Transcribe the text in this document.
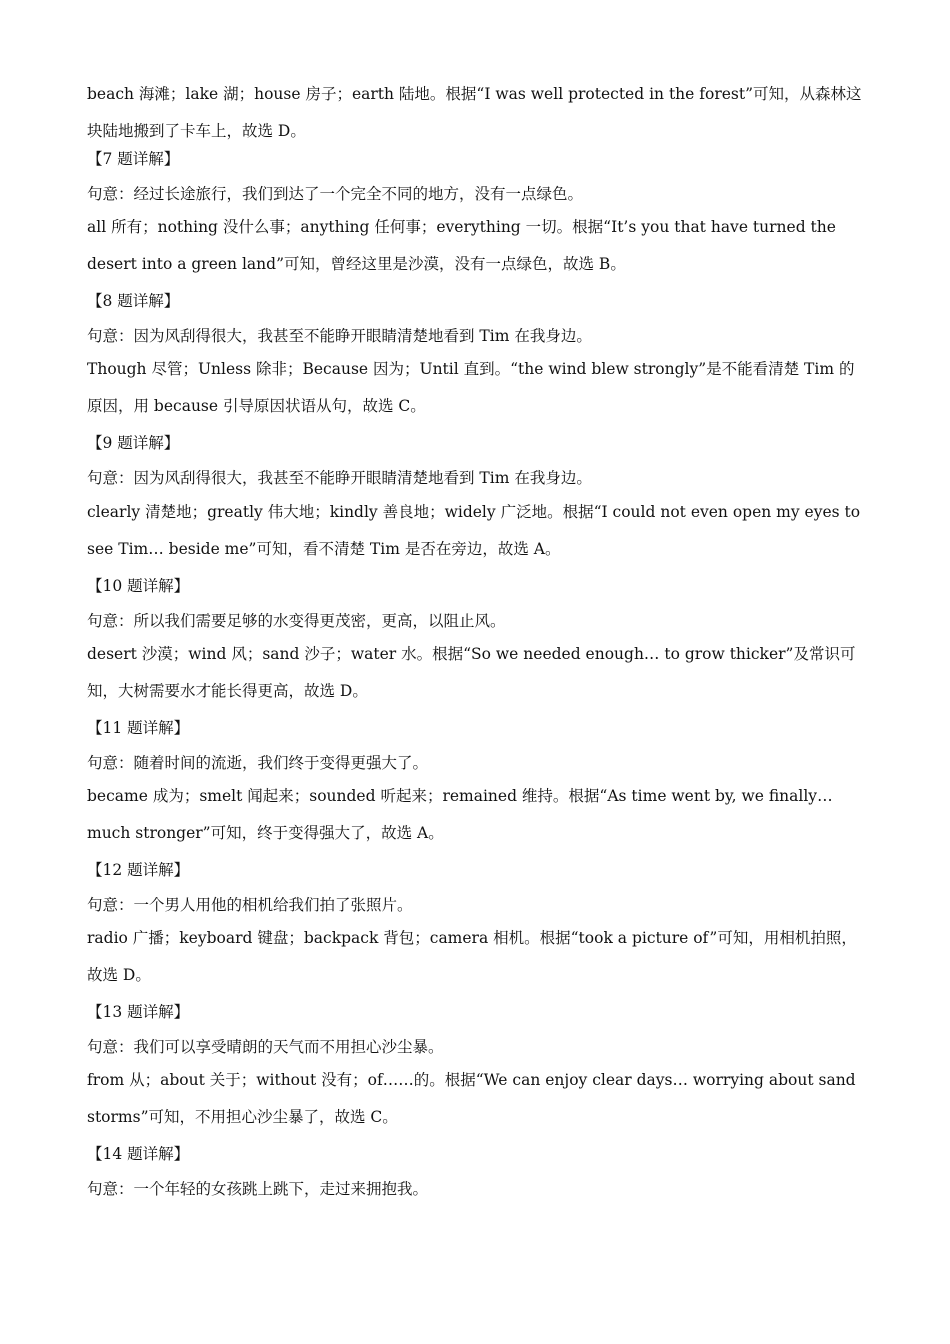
beach 海滩；lake 湖；house 房子；earth 陆地。根据“I was well protected in the forest”可知，从森林这块陆地搬到了卡车上，故选 D。

【7 题详解】

句意：经过长途旅行，我们到达了一个完全不同的地方，没有一点绿色。

all 所有；nothing 没什么事；anything 任何事；everything 一切。根据“It’s you that have turned the desert into a green land”可知，曾经这里是沙漠，没有一点绿色，故选 B。

【8 题详解】

句意：因为风刮得很大，我甚至不能睁开眼睛清楚地看到 Tim 在我身边。

Though 尽管；Unless 除非；Because 因为；Until 直到。“the wind blew strongly”是不能看清楚 Tim 的原因，用 because 引导原因状语从句，故选 C。

【9 题详解】

句意：因为风刮得很大，我甚至不能睁开眼睛清楚地看到 Tim 在我身边。

clearly 清楚地；greatly 伟大地；kindly 善良地；widely 广泛地。根据“I could not even open my eyes to see Tim… beside me”可知，看不清楚 Tim 是否在旁边，故选 A。

【10 题详解】

句意：所以我们需要足够的水变得更茂密，更高，以阻止风。

desert 沙漠；wind 风；sand 沙子；water 水。根据“So we needed enough… to grow thicker”及常识可知，大树需要水才能长得更高，故选 D。

【11 题详解】

句意：随着时间的流逝，我们终于变得更强大了。

became 成为；smelt 闻起来；sounded 听起来；remained 维持。根据“As time went by, we finally… much stronger”可知，终于变得强大了，故选 A。

【12 题详解】

句意：一个男人用他的相机给我们拍了张照片。

radio 广播；keyboard 键盘；backpack 背包；camera 相机。根据“took a picture of”可知，用相机拍照，故选 D。

【13 题详解】

句意：我们可以享受晴朗的天气而不用担心沙尘暴。

from 从；about 关于；without 没有；of……的。根据“We can enjoy clear days… worrying about sand storms”可知，不用担心沙尘暴了，故选 C。

【14 题详解】

句意：一个年轻的女孩跳上跳下，走过来拥抱我。
